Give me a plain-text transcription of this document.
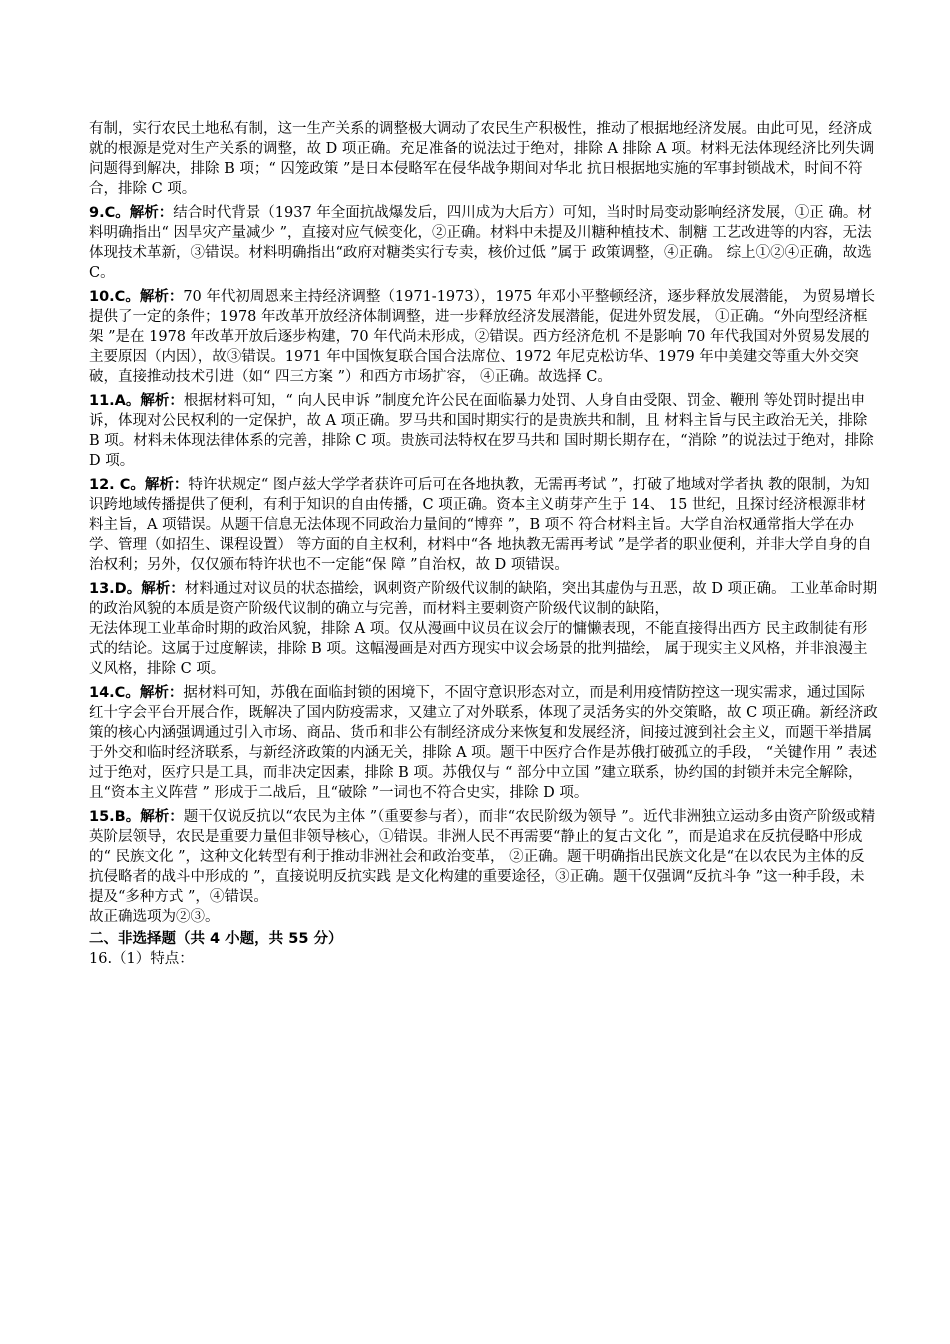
有制，实行农民土地私有制，这一生产关系的调整极大调动了农民生产积极性，推动了根据地经济发展。由此可见，经济成就的根源是党对生产关系的调整，故 D 项正确。充足准备的说法过于绝对，排除 A 排除 A 项。材料无法体现经济比列失调问题得到解决，排除 B 项；“ 囚笼政策 ”是日本侵略军在侵华战争期间对华北 抗日根据地实施的军事封锁战术，时间不符合，排除 C 项。

9.C。解析：结合时代背景（1937 年全面抗战爆发后，四川成为大后方）可知，当时时局变动影响经济发展，①正 确。材料明确指出“ 因旱灾产量减少 ”，直接对应气候变化，②正确。材料中未提及川糖种植技术、制糖 工艺改进等的内容，无法体现技术革新，③错误。材料明确指出“政府对糖类实行专卖，核价过低 ”属于 政策调整，④正确。 综上①②④正确，故选 C。

10.C。解析：70 年代初周恩来主持经济调整（1971-1973），1975 年邓小平整顿经济，逐步释放发展潜能， 为贸易增长提供了一定的条件；1978 年改革开放经济体制调整，进一步释放经济发展潜能，促进外贸发展， ①正确。“外向型经济框架 ”是在 1978 年改革开放后逐步构建，70 年代尚未形成，②错误。西方经济危机 不是影响 70 年代我国对外贸易发展的主要原因（内因），故③错误。1971 年中国恢复联合国合法席位、1972 年尼克松访华、1979 年中美建交等重大外交突破，直接推动技术引进（如“ 四三方案 ”）和西方市场扩容， ④正确。故选择 C。

11.A。解析：根据材料可知，“ 向人民申诉 ”制度允许公民在面临暴力处罚、人身自由受限、罚金、鞭刑 等处罚时提出申诉，体现对公民权利的一定保护，故 A 项正确。罗马共和国时期实行的是贵族共和制，且 材料主旨与民主政治无关，排除 B 项。材料未体现法律体系的完善，排除 C 项。贵族司法特权在罗马共和 国时期长期存在，“消除 ”的说法过于绝对，排除 D 项。

12. C。解析：特许状规定“ 图卢兹大学学者获许可后可在各地执教，无需再考试 ”，打破了地域对学者执 教的限制，为知识跨地域传播提供了便利，有利于知识的自由传播，C 项正确。资本主义萌芽产生于 14、 15 世纪，且探讨经济根源非材料主旨，A 项错误。从题干信息无法体现不同政治力量间的“博弈 ”，B 项不 符合材料主旨。大学自治权通常指大学在办学、管理（如招生、课程设置） 等方面的自主权利，材料中“各 地执教无需再考试 ”是学者的职业便利，并非大学自身的自治权利；另外，仅仅颁布特许状也不一定能“保 障 ”自治权，故 D 项错误。

13.D。解析：材料通过对议员的状态描绘，讽刺资产阶级代议制的缺陷，突出其虚伪与丑恶，故 D 项正确。 工业革命时期的政治风貌的本质是资产阶级代议制的确立与完善，而材料主要刺资产阶级代议制的缺陷，

无法体现工业革命时期的政治风貌，排除 A 项。仅从漫画中议员在议会厅的慵懒表现，不能直接得出西方 民主政制徒有形式的结论。这属于过度解读，排除 B 项。这幅漫画是对西方现实中议会场景的批判描绘， 属于现实主义风格，并非浪漫主义风格，排除 C 项。

14.C。解析：据材料可知，苏俄在面临封锁的困境下，不固守意识形态对立，而是利用疫情防控这一现实需求，通过国际红十字会平台开展合作，既解决了国内防疫需求，又建立了对外联系，体现了灵活务实的外交策略，故 C 项正确。新经济政策的核心内涵强调通过引入市场、商品、货币和非公有制经济成分来恢复和发展经济，间接过渡到社会主义，而题干举措属于外交和临时经济联系，与新经济政策的内涵无关，排除 A 项。题干中医疗合作是苏俄打破孤立的手段， “关键作用 ” 表述过于绝对，医疗只是工具，而非决定因素，排除 B 项。苏俄仅与 “ 部分中立国 ”建立联系，协约国的封锁并未完全解除，且“资本主义阵营 ” 形成于二战后，且“破除 ”一词也不符合史实，排除 D 项。

15.B。解析：题干仅说反抗以“农民为主体 ”（重要参与者），而非“农民阶级为领导 ”。近代非洲独立运动多由资产阶级或精英阶层领导，农民是重要力量但非领导核心，①错误。非洲人民不再需要“静止的复古文化 ”，而是追求在反抗侵略中形成的“ 民族文化 ”，这种文化转型有利于推动非洲社会和政治变革， ②正确。题干明确指出民族文化是“在以农民为主体的反抗侵略者的战斗中形成的 ”，直接说明反抗实践 是文化构建的重要途径，③正确。题干仅强调“反抗斗争 ”这一种手段，未提及“多种方式 ”，④错误。

故正确选项为②③。

二、非选择题（共 4 小题，共 55 分）

16.（1）特点：
